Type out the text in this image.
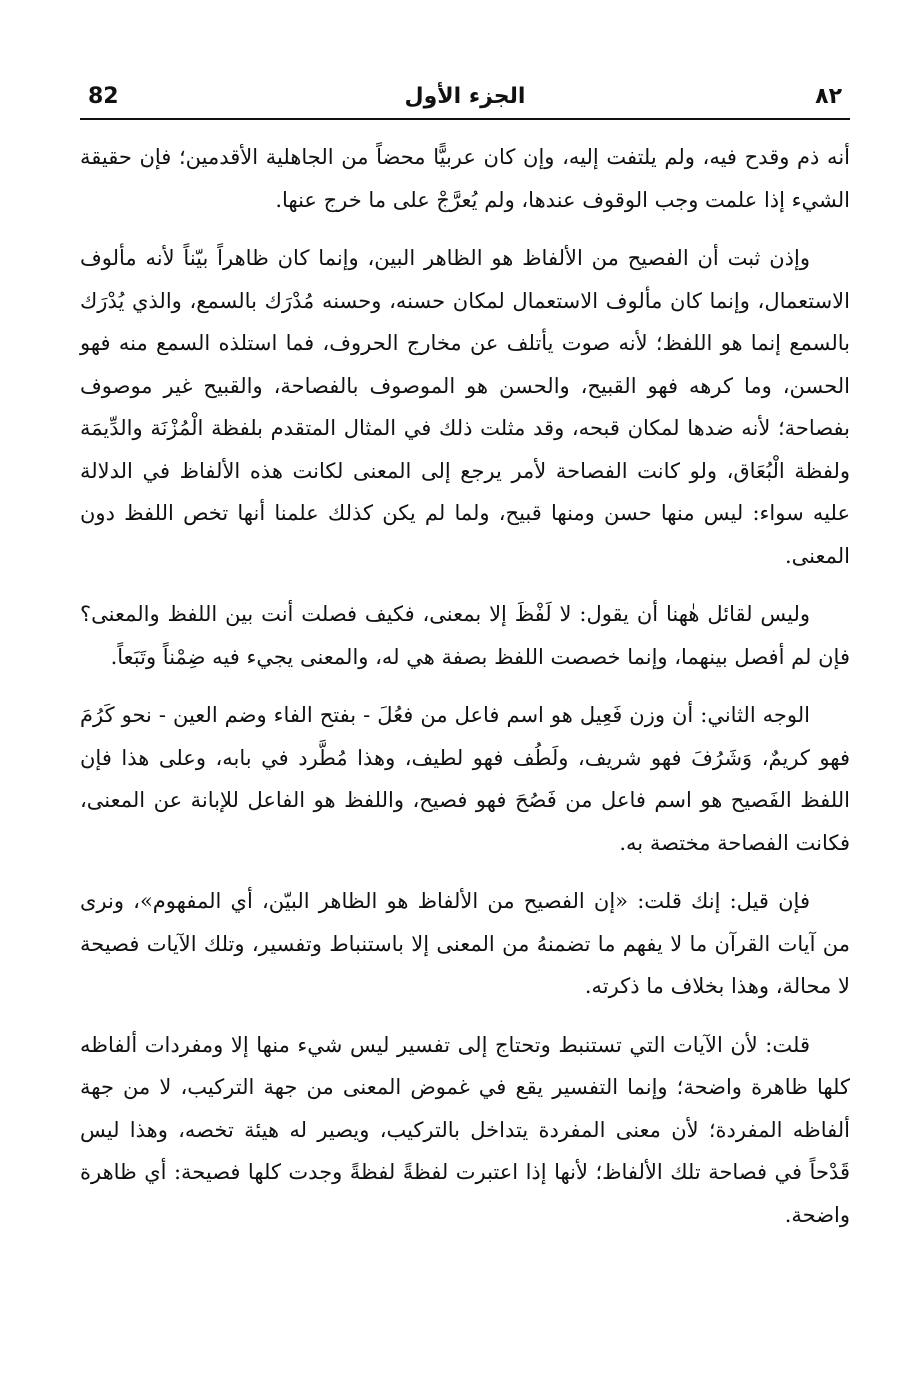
٨٢
الجزء الأول
82

أنه ذم وقدح فيه، ولم يلتفت إليه، وإن كان عربيًّا محضاً من الجاهلية الأقدمين؛ فإن حقيقة الشيء إذا علمت وجب الوقوف عندها، ولم يُعرَّجْ على ما خرج عنها.

وإذن ثبت أن الفصيح من الألفاظ هو الظاهر البين، وإنما كان ظاهراً بيّناً لأنه مألوف الاستعمال، وإنما كان مألوف الاستعمال لمكان حسنه، وحسنه مُدْرَك بالسمع، والذي يُدْرَك بالسمع إنما هو اللفظ؛ لأنه صوت يأتلف عن مخارج الحروف، فما استلذه السمع منه فهو الحسن، وما كرهه فهو القبيح، والحسن هو الموصوف بالفصاحة، والقبيح غير موصوف بفصاحة؛ لأنه ضدها لمكان قبحه، وقد مثلت ذلك في المثال المتقدم بلفظة الْمُزْنَة والدِّيمَة ولفظة الْبُعَاق، ولو كانت الفصاحة لأمر يرجع إلى المعنى لكانت هذه الألفاظ في الدلالة عليه سواء: ليس منها حسن ومنها قبيح، ولما لم يكن كذلك علمنا أنها تخص اللفظ دون المعنى.

وليس لقائل هٰهنا أن يقول: لا لَفْظَ إلا بمعنى، فكيف فصلت أنت بين اللفظ والمعنى؟ فإن لم أفصل بينهما، وإنما خصصت اللفظ بصفة هي له، والمعنى يجيء فيه ضِمْناً وتَبَعاً.

الوجه الثاني: أن وزن فَعِيل هو اسم فاعل من فعُلَ - بفتح الفاء وضم العين - نحو كَرُمَ فهو كريمٌ، وَشَرُفَ فهو شريف، ولَطُف فهو لطيف، وهذا مُطَّرد في بابه، وعلى هذا فإن اللفظ الفَصيح هو اسم فاعل من فَصُحَ فهو فصيح، واللفظ هو الفاعل للإبانة عن المعنى، فكانت الفصاحة مختصة به.

فإن قيل: إنك قلت: «إن الفصيح من الألفاظ هو الظاهر البيّن، أي المفهوم»، ونرى من آيات القرآن ما لا يفهم ما تضمنهُ من المعنى إلا باستنباط وتفسير، وتلك الآيات فصيحة لا محالة، وهذا بخلاف ما ذكرته.

قلت: لأن الآيات التي تستنبط وتحتاج إلى تفسير ليس شيء منها إلا ومفردات ألفاظه كلها ظاهرة واضحة؛ وإنما التفسير يقع في غموض المعنى من جهة التركيب، لا من جهة ألفاظه المفردة؛ لأن معنى المفردة يتداخل بالتركيب، ويصير له هيئة تخصه، وهذا ليس قَدْحاً في فصاحة تلك الألفاظ؛ لأنها إذا اعتبرت لفظةً لفظةً وجدت كلها فصيحة: أي ظاهرة واضحة.
